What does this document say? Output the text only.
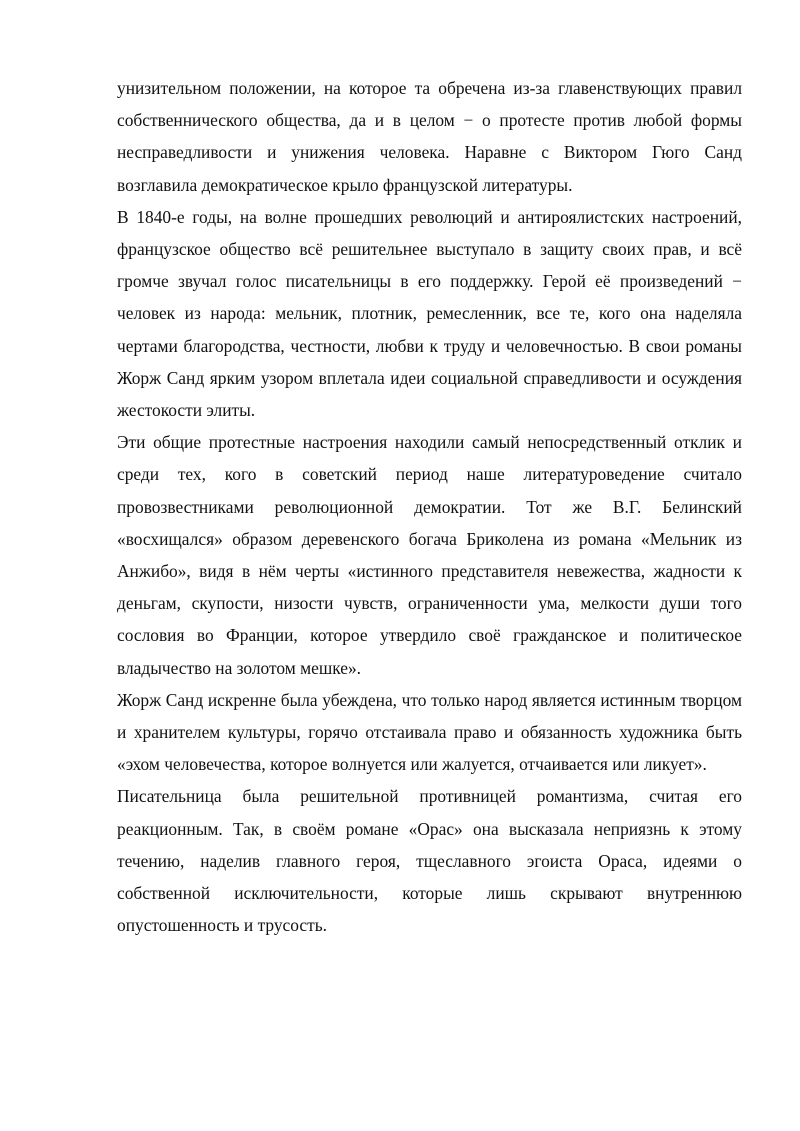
унизительном положении, на которое та обречена из-за главенствующих правил собственнического общества, да и в целом − о протесте против любой формы несправедливости и унижения человека. Наравне с Виктором Гюго Санд возглавила демократическое крыло французской литературы.

В 1840-е годы, на волне прошедших революций и антироялистских настроений, французское общество всё решительнее выступало в защиту своих прав, и всё громче звучал голос писательницы в его поддержку. Герой её произведений − человек из народа: мельник, плотник, ремесленник, все те, кого она наделяла чертами благородства, честности, любви к труду и человечностью. В свои романы Жорж Санд ярким узором вплетала идеи социальной справедливости и осуждения жестокости элиты.

Эти общие протестные настроения находили самый непосредственный отклик и среди тех, кого в советский период наше литературоведение считало провозвестниками революционной демократии. Тот же В.Г. Белинский «восхищался» образом деревенского богача Бриколена из романа «Мельник из Анжибо», видя в нём черты «истинного представителя невежества, жадности к деньгам, скупости, низости чувств, ограниченности ума, мелкости души того сословия во Франции, которое утвердило своё гражданское и политическое владычество на золотом мешке».

Жорж Санд искренне была убеждена, что только народ является истинным творцом и хранителем культуры, горячо отстаивала право и обязанность художника быть «эхом человечества, которое волнуется или жалуется, отчаивается или ликует».

Писательница была решительной противницей романтизма, считая его реакционным. Так, в своём романе «Орас» она высказала неприязнь к этому течению, наделив главного героя, тщеславного эгоиста Ораса, идеями о собственной исключительности, которые лишь скрывают внутреннюю опустошенность и трусость.
